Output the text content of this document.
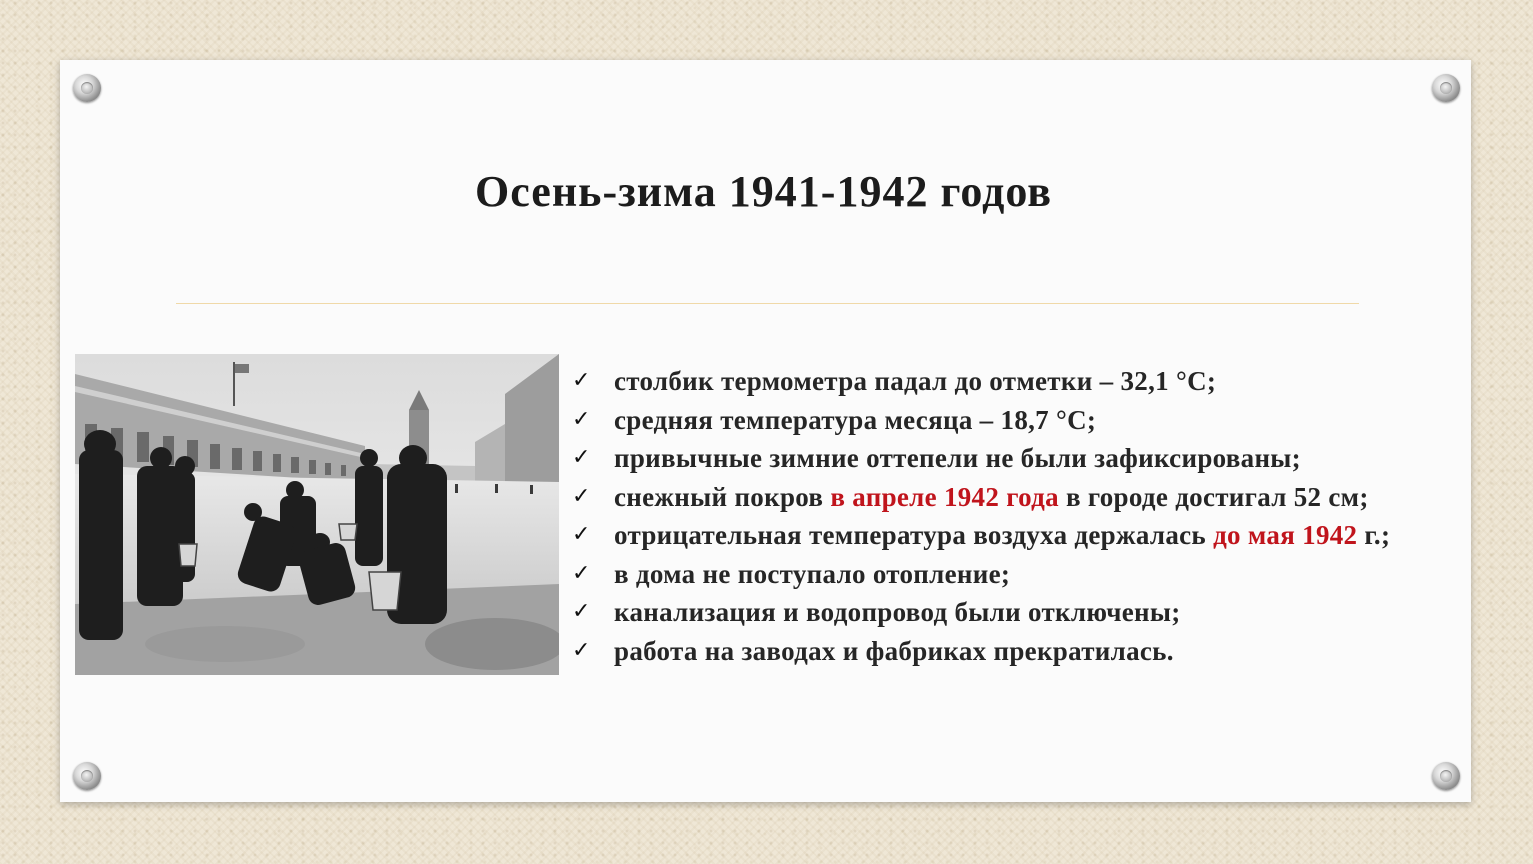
Осень-зима 1941-1942 годов
✓ столбик термометра падал до отметки – 32,1 °C;
✓ средняя температура месяца – 18,7 °C;
✓ привычные зимние оттепели не были зафиксированы;
✓ снежный покров в апреле 1942 года в городе достигал 52 см;
✓ отрицательная температура воздуха держалась до мая 1942 г.;
✓ в дома не поступало отопление;
✓ канализация и водопровод были отключены;
✓ работа на заводах и фабриках прекратилась.
